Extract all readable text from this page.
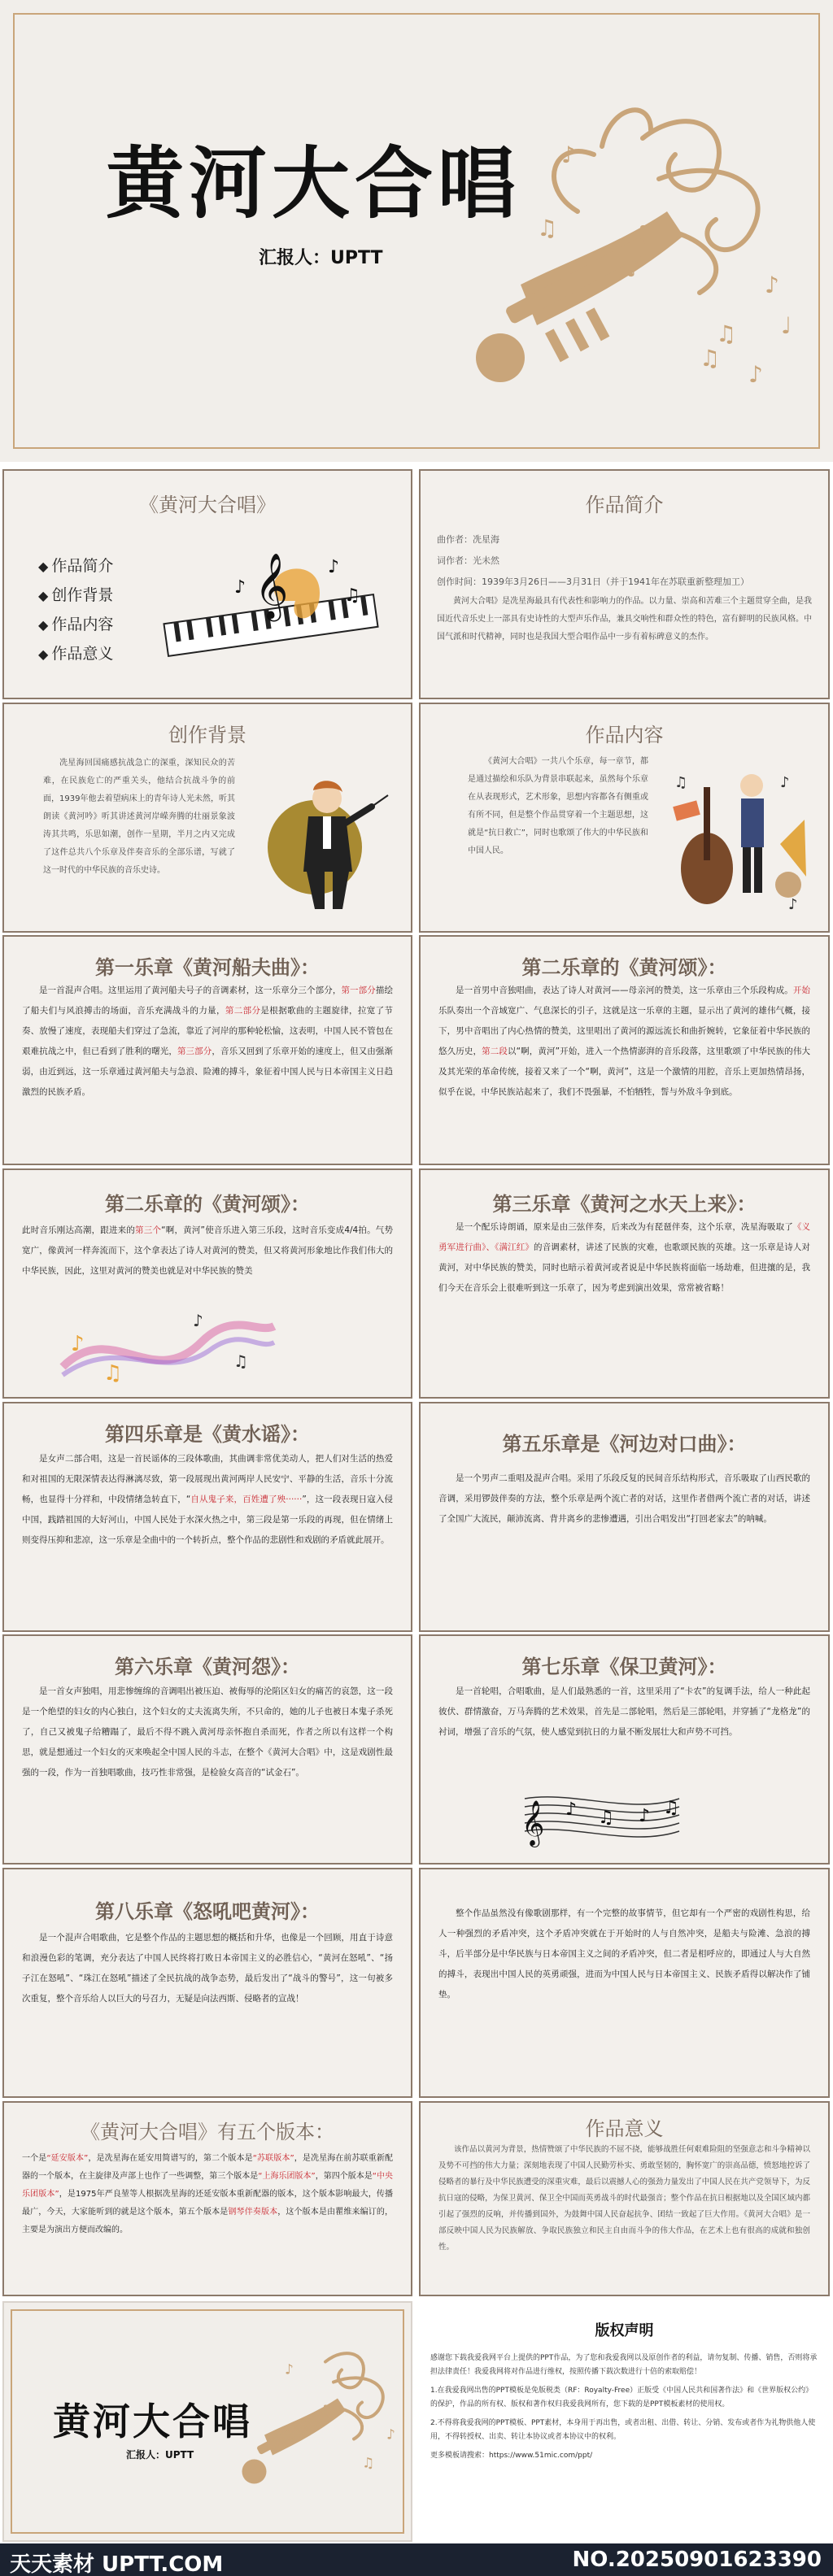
黄河大合唱
汇报人：UPTT
♪
♫
♪
♫
♪
♩
♪
♫
《黄河大合唱》
◆ 作品简介
◆ 创作背景
◆ 作品内容
◆ 作品意义
𝄞 ♪
♫
♪
作品简介

曲作者：冼星海

词作者：光未然

创作时间：1939年3月26日——3月31日（并于1941年在苏联重新整理加工）

黄河大合唱》是冼星海最具有代表性和影响力的作品。以力量、崇高和苦难三个主题贯穿全曲，是我国近代音乐史上一部具有史诗性的大型声乐作品，兼具交响性和群众性的特色，富有鲜明的民族风格。中国气派和时代精神，同时也是我国大型合唱作品中一步有着标碑意义的杰作。

创作背景

冼星海回国痛感抗战急亡的深重，深知民众的苦难，在民族危亡的严重关头，他结合抗战斗争的前面，1939年他去着望病床上的青年诗人光未然，听其朗读《黄河吟》听其讲述黄河岸嵘奔腾的壮丽景象波涛其共鸣，乐思如潮，创作一星期，半月之内又完成了这件总共八个乐章及伴奏音乐的全部乐谱，写就了这一时代的中华民族的音乐史诗。

作品内容

《黄河大合唱》一共八个乐章，每一章节，都是通过描绘和乐队为背景串联起来，虽然每个乐章在从表现形式，艺术形象，思想内容都各有侧重或有所不同，但是整个作品贯穿着一个主题思想，这就是“抗日救亡”，同时也歌颂了伟大的中华民族和中国人民。

♪
♫
♪
第一乐章《黄河船夫曲》：

是一首混声合唱。这里运用了黄河船夫号子的音调素材，这一乐章分三个部分，第一部分描绘了船夫们与风浪搏击的场面，音乐充满战斗的力量，第二部分是根据歌曲的主题旋律，拉宽了节奏、放慢了速度，表现船夫们穿过了急流，靠近了河岸的那种轮松愉，这表明，中国人民不管包在艰难抗战之中，但已看到了胜利的曙光，第三部分，音乐又回到了乐章开始的速度上，但又由强渐弱，由近到远，这一乐章通过黄河船夫与急浪、险滩的搏斗，象征着中国人民与日本帝国主义日趋激烈的民族矛盾。

第二乐章的《黄河颂》：

是一首男中音独唱曲，表达了诗人对黄河——母亲河的赞美，这一乐章由三个乐段构成。开始乐队奏出一个音域宽广、气息深长的引子，这就是这一乐章的主题，显示出了黄河的雄伟气概，接下，男中音唱出了内心热情的赞美，这里唱出了黄河的源远流长和曲折婉转，它象征着中华民族的悠久历史，第二段以“啊，黄河”开始，进入一个热情澎湃的音乐段落，这里歌颂了中华民族的伟大及其光荣的革命传统，接着又来了一个“啊，黄河”，这是一个激情的用腔，音乐上更加热情昂扬，似乎在说，中华民族站起来了，我们不畏强暴，不怕牺牲，誓与外敌斗争到底。

第二乐章的《黄河颂》：

此时音乐刚达高潮，跟进来的第三个“啊，黄河”使音乐进入第三乐段，这时音乐变成4/4拍。气势宽广，像黄河一样奔流而下，这个拿表达了诗人对黄河的赞美，但又将黄河形象地比作我们伟大的中华民族，因此，这里对黄河的赞美也就是对中华民族的赞美

♪
♫
♪
♫
第三乐章《黄河之水天上来》：

是一个配乐诗朗诵，原来是由三弦伴奏，后来改为有琵琶伴奏，这个乐章，冼星海吸取了《义勇军进行曲》、《满江红》的音调素材，讲述了民族的灾难，也歌颂民族的英雄。这一乐章是诗人对黄河，对中华民族的赞美，同时也暗示着黄河或者说是中华民族将面临一场劫难，但进攘的是，我们今天在音乐会上很难听到这一乐章了，因为考虑到演出效果，常常被省略！

第四乐章是《黄水谣》：

是女声二部合唱，这是一首民谣体的三段体歌曲，其曲调非常优美动人，把人们对生活的热爱和对祖国的无限深情表达得淋漓尽致，第一段展现出黄河两岸人民安宁、平静的生活，音乐十分流畅，也显得十分祥和，中段情绪急转直下，“自从鬼子来，百姓遭了殃······”，这一段表现日寇入侵中国，践踏祖国的大好河山，中国人民处于水深火热之中，第三段是第一乐段的再现，但在情绪上则变得压抑和悲凉，这一乐章是全曲中的一个转折点，整个作品的悲剧性和戏剧的矛盾就此展开。

第五乐章是《河边对口曲》：

是一个男声二重唱及混声合唱。采用了乐段反复的民间音乐结构形式，音乐吸取了山西民歌的音调，采用锣鼓伴奏的方法，整个乐章是两个流亡者的对话，这里作者借两个流亡者的对话，讲述了全国广大流民，颠沛流离、背井离乡的悲惨遭遇，引出合唱发出“打回老家去”的呐喊。

第六乐章《黄河怨》：

是一首女声独唱，用悲惨缠绵的音调唱出被压迫、被侮辱的沦陷区妇女的痛苦的哀怨，这一段是一个绝望的妇女的内心独白，这个妇女的丈夫流离失所，不只命的，她的儿子也被日本鬼子杀死了，自己又被鬼子给糟蹋了，最后不得不跳入黄河母亲怀抱自杀而死，作者之所以有这样一个构思，就是想通过一个妇女的灭来唤起全中国人民的斗志，在整个《黄河大合唱》中，这是戏剧性最强的一段，作为一首独唱歌曲，技巧性非常强，是检验女高音的“试金石”。

第七乐章《保卫黄河》：

是一首轮唱，合唱歌曲，是人们最熟悉的一首，这里采用了“卡农”的复调手法，给人一种此起彼伏、群情激奋，万马奔腾的艺术效果，首先是二部轮唱，然后是三部轮唱，并穿插了“龙格龙”的衬词，增强了音乐的气氛，使人感觉到抗日的力量不断发展壮大和声势不可挡。

𝄞 ♪ ♫ ♪ ♫
第八乐章《怒吼吧黄河》：

是一个混声合唱歌曲，它是整个作品的主题思想的概括和升华，也像是一个回顾，用直于诗意和浪漫色彩的笔调，充分表达了中国人民终将打败日本帝国主义的必胜信心，“黄河在怒吼”、“扬子江在怒吼”、“珠江在怒吼”描述了全民抗战的战争态势，最后发出了“战斗的警号”，这一句被多次重复，整个音乐给人以巨大的号召力，无疑是向法西斯、侵略者的宣战！

整个作品虽然没有像歌剧那样，有一个完整的故事情节，但它却有一个严密的戏剧性构思，给人一种强烈的矛盾冲突，这个矛盾冲突就在于开始时的人与自然冲突，是船夫与险滩、急浪的搏斗，后半部分是中华民族与日本帝国主义之间的矛盾冲突，但二者是相呼应的，即通过人与大自然的搏斗，表现出中国人民的英勇顽强，进而为中国人民与日本帝国主义、民族矛盾得以解决作了铺垫。

《黄河大合唱》有五个版本：

一个是“延安版本”，是冼星海在延安用简谱写的，第二个版本是“苏联版本”，是冼星海在前苏联重新配器的一个版本，在主旋律及声部上也作了一些调整，第三个版本是“上海乐团版本”，第四个版本是“中央乐团版本”，是1975年严良堃等人根据冼星海的还延安版本重新配器的版本，这个版本影响最大，传播最广，今天，大家能听到的就是这个版本，第五个版本是钢琴伴奏版本，这个版本是由瞿维来编订的，主要是为演出方便而改编的。

作品意义

该作品以黄河为背景，热情赞颂了中华民族的不屈不挠，能够战胜任何艰难险阻的坚强意志和斗争精神以及势不可挡的伟大力量；深刻地表现了中国人民勤劳朴实、勇敢坚韧的，胸怀宽广的崇高品德，愤怒地控诉了侵略者的暴行及中华民族遭受的深重灾难，最后以震撼人心的强劲力量发出了中国人民在共产党领导下，为反抗日寇的侵略，为保卫黄河、保卫全中国而英勇战斗的时代最强音；整个作品在抗日根据地以及全国区域内都引起了强烈的反响，并传播到国外，为鼓舞中国人民奋起抗争、团结一致起了巨大作用。《黄河大合唱》是一部反映中国人民为民族解放、争取民族独立和民主自由而斗争的伟大作品，在艺术上也有很高的成就和独创性。

黄河大合唱
汇报人：UPTT
♪
♪
♫
版权声明

感谢您下载我爱我网平台上提供的PPT作品，为了您和我爱我网以及原创作者的利益，请勿复制、传播、销售，否则将承担法律责任！我爱我网将对作品进行维权，按照传播下载次数进行十倍的索取赔偿！

1.在我爱我网出售的PPT模板是免版税类（RF：Royalty-Free）正版受《中国人民共和国著作法》和《世界版权公约》的保护，作品的所有权、版权和著作权归我爱我网所有，您下载的是PPT模板素材的使用权。

2.不得将我爱我网的PPT模板、PPT素材，本身用于再出售，或者出租、出借、转让、分销、发布或者作为礼物供他人使用，不得转授权、出卖、转让本协议或者本协议中的权利。

更多模板请搜索：https://www.51mic.com/ppt/

天天素材 UPTT.COM	NO.20250901623390
